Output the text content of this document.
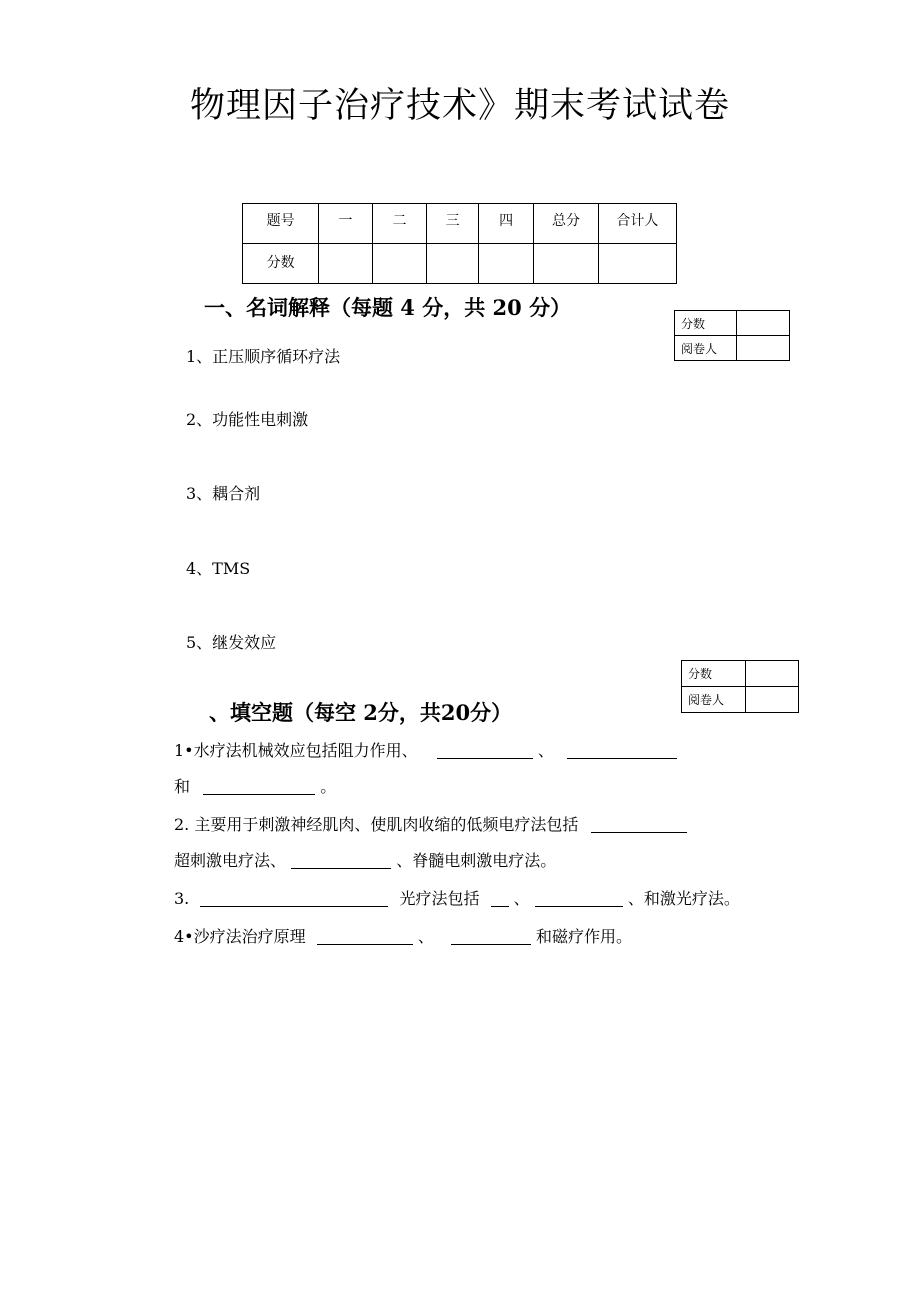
物理因子治疗技术》期末考试试卷
题号	一	二	三	四	总分	合计人
分数						
一、名词解释（每题 4 分，共 20 分）
分数	
阅卷人	
1、正压顺序循环疗法
2、功能性电刺激
3、耦合剂
4、TMS
5、继发效应
分数	
阅卷人	
、填空题（每空 2分，共20分）
1•水疗法机械效应包括阻力作用、	、
和	。
2. 主要用于刺激神经肌肉、使肌肉收缩的低频电疗法包括
超刺激电疗法、	、脊髓电刺激电疗法。
3.	光疗法包括 、	、和激光疗法。
4•沙疗法治疗原理	、	和磁疗作用。
